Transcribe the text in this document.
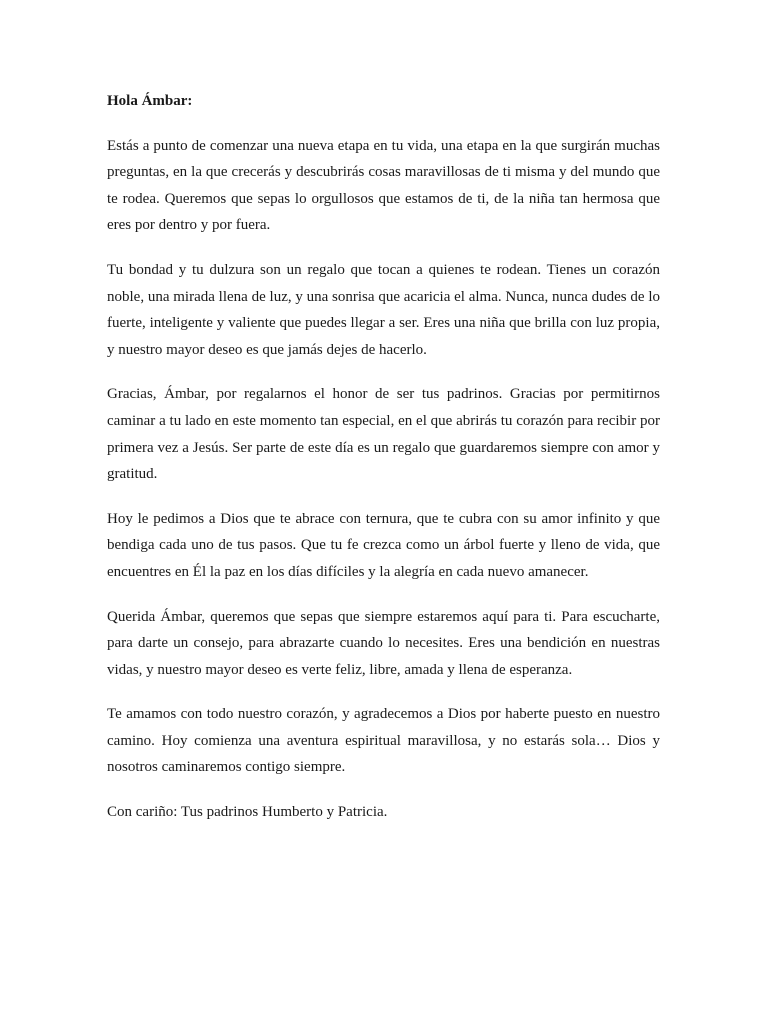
Hola Ámbar:

Estás a punto de comenzar una nueva etapa en tu vida, una etapa en la que surgirán muchas preguntas, en la que crecerás y descubrirás cosas maravillosas de ti misma y del mundo que te rodea. Queremos que sepas lo orgullosos que estamos de ti, de la niña tan hermosa que eres por dentro y por fuera.

Tu bondad y tu dulzura son un regalo que tocan a quienes te rodean. Tienes un corazón noble, una mirada llena de luz, y una sonrisa que acaricia el alma. Nunca, nunca dudes de lo fuerte, inteligente y valiente que puedes llegar a ser. Eres una niña que brilla con luz propia, y nuestro mayor deseo es que jamás dejes de hacerlo.

Gracias, Ámbar, por regalarnos el honor de ser tus padrinos. Gracias por permitirnos caminar a tu lado en este momento tan especial, en el que abrirás tu corazón para recibir por primera vez a Jesús. Ser parte de este día es un regalo que guardaremos siempre con amor y gratitud.

Hoy le pedimos a Dios que te abrace con ternura, que te cubra con su amor infinito y que bendiga cada uno de tus pasos. Que tu fe crezca como un árbol fuerte y lleno de vida, que encuentres en Él la paz en los días difíciles y la alegría en cada nuevo amanecer.

Querida Ámbar, queremos que sepas que siempre estaremos aquí para ti. Para escucharte, para darte un consejo, para abrazarte cuando lo necesites. Eres una bendición en nuestras vidas, y nuestro mayor deseo es verte feliz, libre, amada y llena de esperanza.

Te amamos con todo nuestro corazón, y agradecemos a Dios por haberte puesto en nuestro camino. Hoy comienza una aventura espiritual maravillosa, y no estarás sola… Dios y nosotros caminaremos contigo siempre.

Con cariño: Tus padrinos Humberto y Patricia.
